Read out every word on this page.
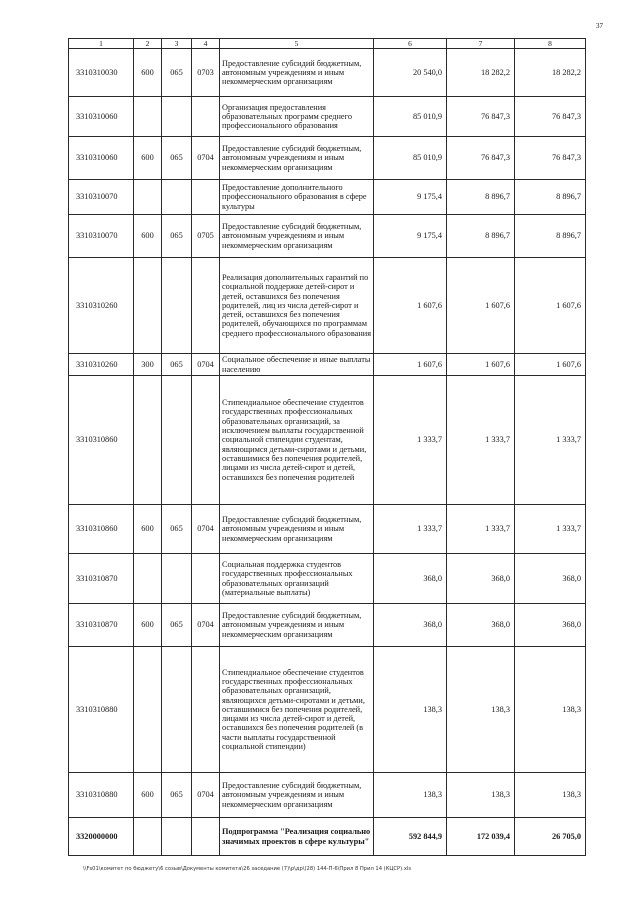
37
1	2	3	4	5	6	7	8
3310310030	600	065	0703	Предоставление субсидий бюджетным, автономным учреждениям и иным некоммерческим организациям	20 540,0	18 282,2	18 282,2
3310310060				Организация предоставления образовательных программ среднего профессионального образования	85 010,9	76 847,3	76 847,3
3310310060	600	065	0704	Предоставление субсидий бюджетным, автономным учреждениям и иным некоммерческим организациям	85 010,9	76 847,3	76 847,3
3310310070				Предоставление дополнительного профессионального образования в сфере культуры	9 175,4	8 896,7	8 896,7
3310310070	600	065	0705	Предоставление субсидий бюджетным, автономным учреждениям и иным некоммерческим организациям	9 175,4	8 896,7	8 896,7
3310310260				Реализация дополнительных гарантий по социальной поддержке детей-сирот и детей, оставшихся без попечения родителей, лиц из числа детей-сирот и детей, оставшихся без попечения родителей, обучающихся по программам среднего профессионального образования	1 607,6	1 607,6	1 607,6
3310310260	300	065	0704	Социальное обеспечение и иные выплаты населению	1 607,6	1 607,6	1 607,6
3310310860				Стипендиальное обеспечение студентов государственных профессиональных образовательных организаций, за исключением выплаты государственной социальной стипендии студентам, являющимся детьми-сиротами и детьми, оставшимися без попечения родителей, лицами из числа детей-сирот и детей, оставшихся без попечения родителей	1 333,7	1 333,7	1 333,7
3310310860	600	065	0704	Предоставление субсидий бюджетным, автономным учреждениям и иным некоммерческим организациям	1 333,7	1 333,7	1 333,7
3310310870				Социальная поддержка студентов государственных профессиональных образовательных организаций (материальные выплаты)	368,0	368,0	368,0
3310310870	600	065	0704	Предоставление субсидий бюджетным, автономным учреждениям и иным некоммерческим организациям	368,0	368,0	368,0
3310310880				Стипендиальное обеспечение студентов государственных профессиональных образовательных организаций, являющихся детьми-сиротами и детьми, оставшимися без попечения родителей, лицами из числа детей-сирот и детей, оставшихся без попечения родителей (в части выплаты государственной социальной стипендии)	138,3	138,3	138,3
3310310880	600	065	0704	Предоставление субсидий бюджетным, автономным учреждениям и иным некоммерческим организациям	138,3	138,3	138,3
3320000000				Подпрограмма "Реализация социально значимых проектов в сфере культуры"	592 844,9	172 039,4	26 705,0
\\Fs01\комитет по бюджету\6 созыв\Документы комитета\26 заседание (7)\р\др\(28) 144-П-6\Прил 8 Прил 14 (КЦСР).xls
